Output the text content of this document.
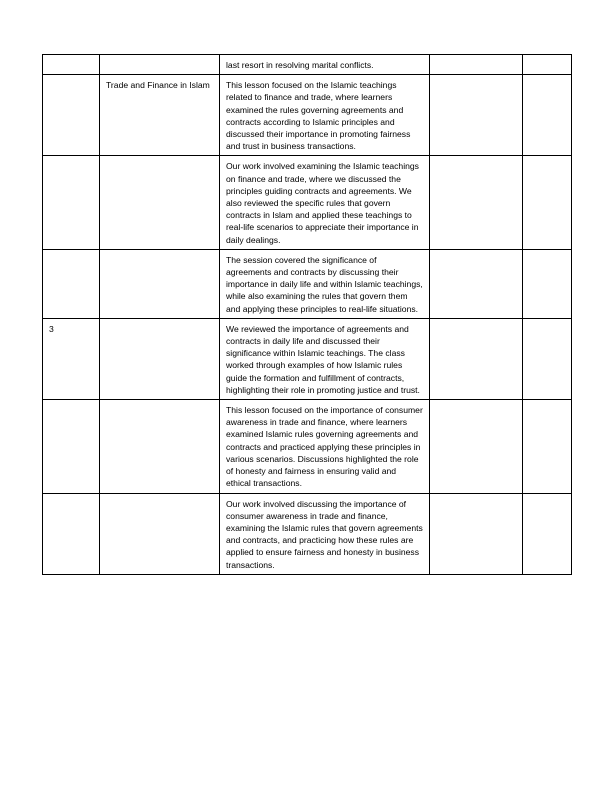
		last resort in resolving marital conflicts.		

	Trade and Finance in Islam	This lesson focused on the Islamic teachings related to finance and trade, where learners examined the rules governing agreements and contracts according to Islamic principles and discussed their importance in promoting fairness and trust in business transactions.		

		Our work involved examining the Islamic teachings on finance and trade, where we discussed the principles guiding contracts and agreements. We also reviewed the specific rules that govern contracts in Islam and applied these teachings to real-life scenarios to appreciate their importance in daily dealings.		

		The session covered the significance of agreements and contracts by discussing their importance in daily life and within Islamic teachings, while also examining the rules that govern them and applying these principles to real-life situations.		

3		We reviewed the importance of agreements and contracts in daily life and discussed their significance within Islamic teachings. The class worked through examples of how Islamic rules guide the formation and fulfillment of contracts, highlighting their role in promoting justice and trust.		

		This lesson focused on the importance of consumer awareness in trade and finance, where learners examined Islamic rules governing agreements and contracts and practiced applying these principles in various scenarios. Discussions highlighted the role of honesty and fairness in ensuring valid and ethical transactions.		

		Our work involved discussing the importance of consumer awareness in trade and finance, examining the Islamic rules that govern agreements and contracts, and practicing how these rules are applied to ensure fairness and honesty in business transactions.		
